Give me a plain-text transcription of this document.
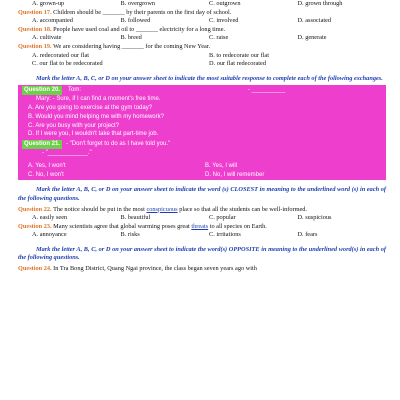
A. grown-up	B. overgrown	C. outgrown	D. grown through

Question 17. Children should be _______ by their parents on the first day of school.

A. accompanied	B. followed	C. involved	D. associated

Question 18. People have used coal and oil to _______ electricity for a long time.

A. cultivate	B. breed	C. raise	D. generate

Question 19. We are considering having _______ for the coming New Year.

A. redecorated our flat	B. to redecorate our flat
C. our flat to be redecorated	D. our flat redecorated

Mark the letter A, B, C, or D on your answer sheet to indicate the most suitable response to complete each of the following exchanges.

Question 20.	Tom:	- __________
Mary: - Sure, if I can find a moment's free time.
A. Are you going to exercise at the gym today?
B. Would you mind helping me with my homework?
C. Are you busy with your project?
D. If I were you, I wouldn't take that part-time job.
Question 21.	- "Don't forget to do as I have told you."
- "____________."
A. Yes, I won't	B. Yes, I will
C. No, I won't	D. No, I will remember

Mark the letter A, B, C, or D on your answer sheet to indicate the word (s) CLOSEST in meaning to the underlined word (s) in each of the following questions.

Question 22. The notice should be put in the most conspicuous place so that all the students can be well-informed.

A. easily seen	B. beautiful	C. popular	D. suspicious

Question 23. Many scientists agree that global warming poses great threats to all species on Earth.

A. annoyance	B. risks	C. irritations	D. fears

Mark the letter A, B, C, or D on your answer sheet to indicate the word(s) OPPOSITE in meaning to the underlined word(s) in each of the following questions.

Question 24. In Tra Bong District, Quang Ngai province, the class began seven years ago with
